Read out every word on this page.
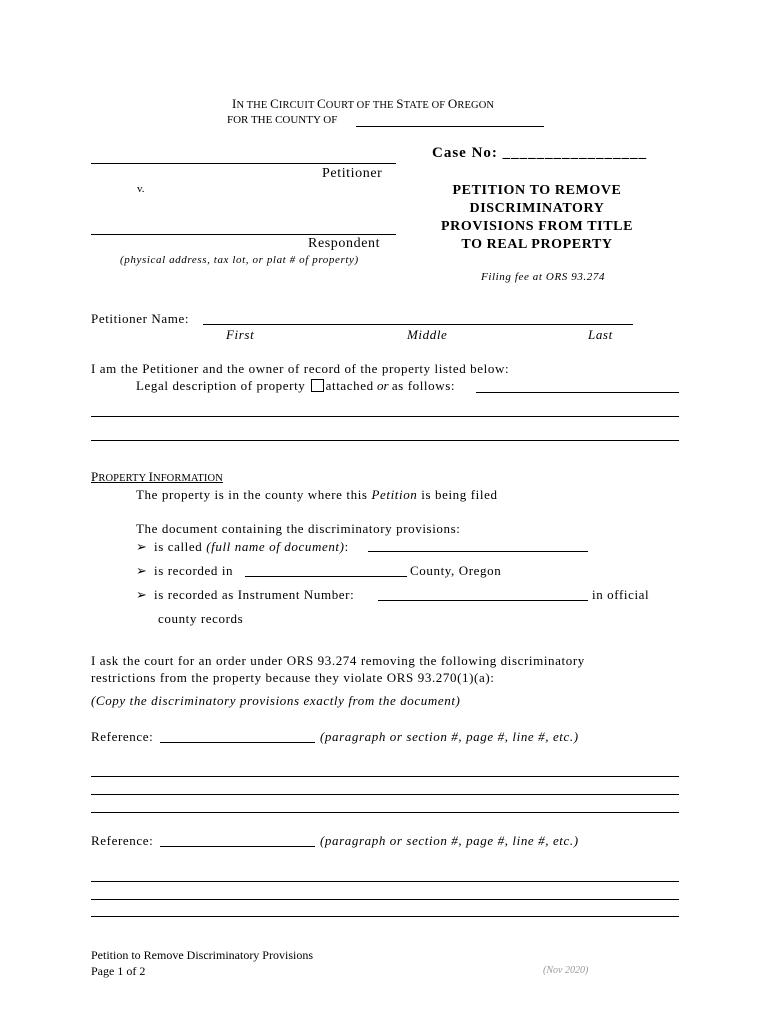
IN THE CIRCUIT COURT OF THE STATE OF OREGON
FOR THE COUNTY OF
Petitioner
v.
Respondent
(physical address, tax lot, or plat # of property)
Case No: _________________
PETITION TO REMOVE
DISCRIMINATORY
PROVISIONS FROM TITLE
TO REAL PROPERTY
Filing fee at ORS 93.274
Petitioner Name:
First	Middle	Last
I am the Petitioner and the owner of record of the property listed below:
Legal description of property attached or as follows:
PROPERTY INFORMATION
The property is in the county where this Petition is being filed
The document containing the discriminatory provisions:
➢ is called (full name of document):
➢ is recorded in	County, Oregon
➢ is recorded as Instrument Number:	in official
county records
I ask the court for an order under ORS 93.274 removing the following discriminatory
restrictions from the property because they violate ORS 93.270(1)(a):
(Copy the discriminatory provisions exactly from the document)
Reference:	(paragraph or section #, page #, line #, etc.)
Reference:	(paragraph or section #, page #, line #, etc.)
Petition to Remove Discriminatory Provisions
Page 1 of 2	(Nov 2020)
